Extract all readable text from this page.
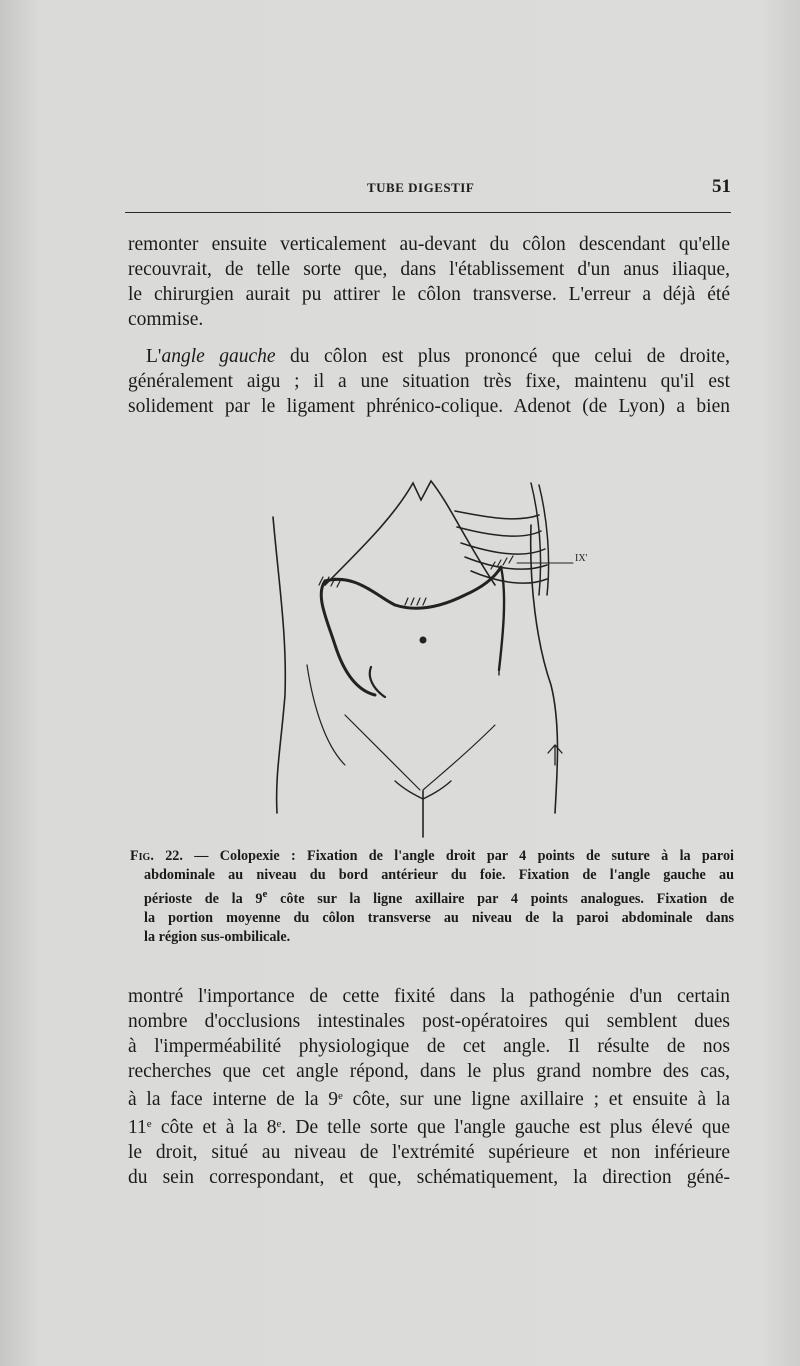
TUBE DIGESTIF	51
remonter ensuite verticalement au-devant du côlon descendant qu'elle
recouvrait, de telle sorte que, dans l'établissement d'un anus iliaque,
le chirurgien aurait pu attirer le côlon transverse. L'erreur a déjà été
commise.
L'angle gauche du côlon est plus prononcé que celui de droite,
généralement aigu ; il a une situation très fixe, maintenu qu'il est
solidement par le ligament phrénico-colique. Adenot (de Lyon) a bien
IX'
Fig. 22. — Colopexie : Fixation de l'angle droit par 4 points de suture à la paroi
abdominale au niveau du bord antérieur du foie. Fixation de l'angle gauche au
périoste de la 9e côte sur la ligne axillaire par 4 points analogues. Fixation de
la portion moyenne du côlon transverse au niveau de la paroi abdominale dans
la région sus-ombilicale.
montré l'importance de cette fixité dans la pathogénie d'un certain
nombre d'occlusions intestinales post-opératoires qui semblent dues
à l'imperméabilité physiologique de cet angle. Il résulte de nos
recherches que cet angle répond, dans le plus grand nombre des cas,
à la face interne de la 9e côte, sur une ligne axillaire ; et ensuite à la
11e côte et à la 8e. De telle sorte que l'angle gauche est plus élevé que
le droit, situé au niveau de l'extrémité supérieure et non inférieure
du sein correspondant, et que, schématiquement, la direction géné-
